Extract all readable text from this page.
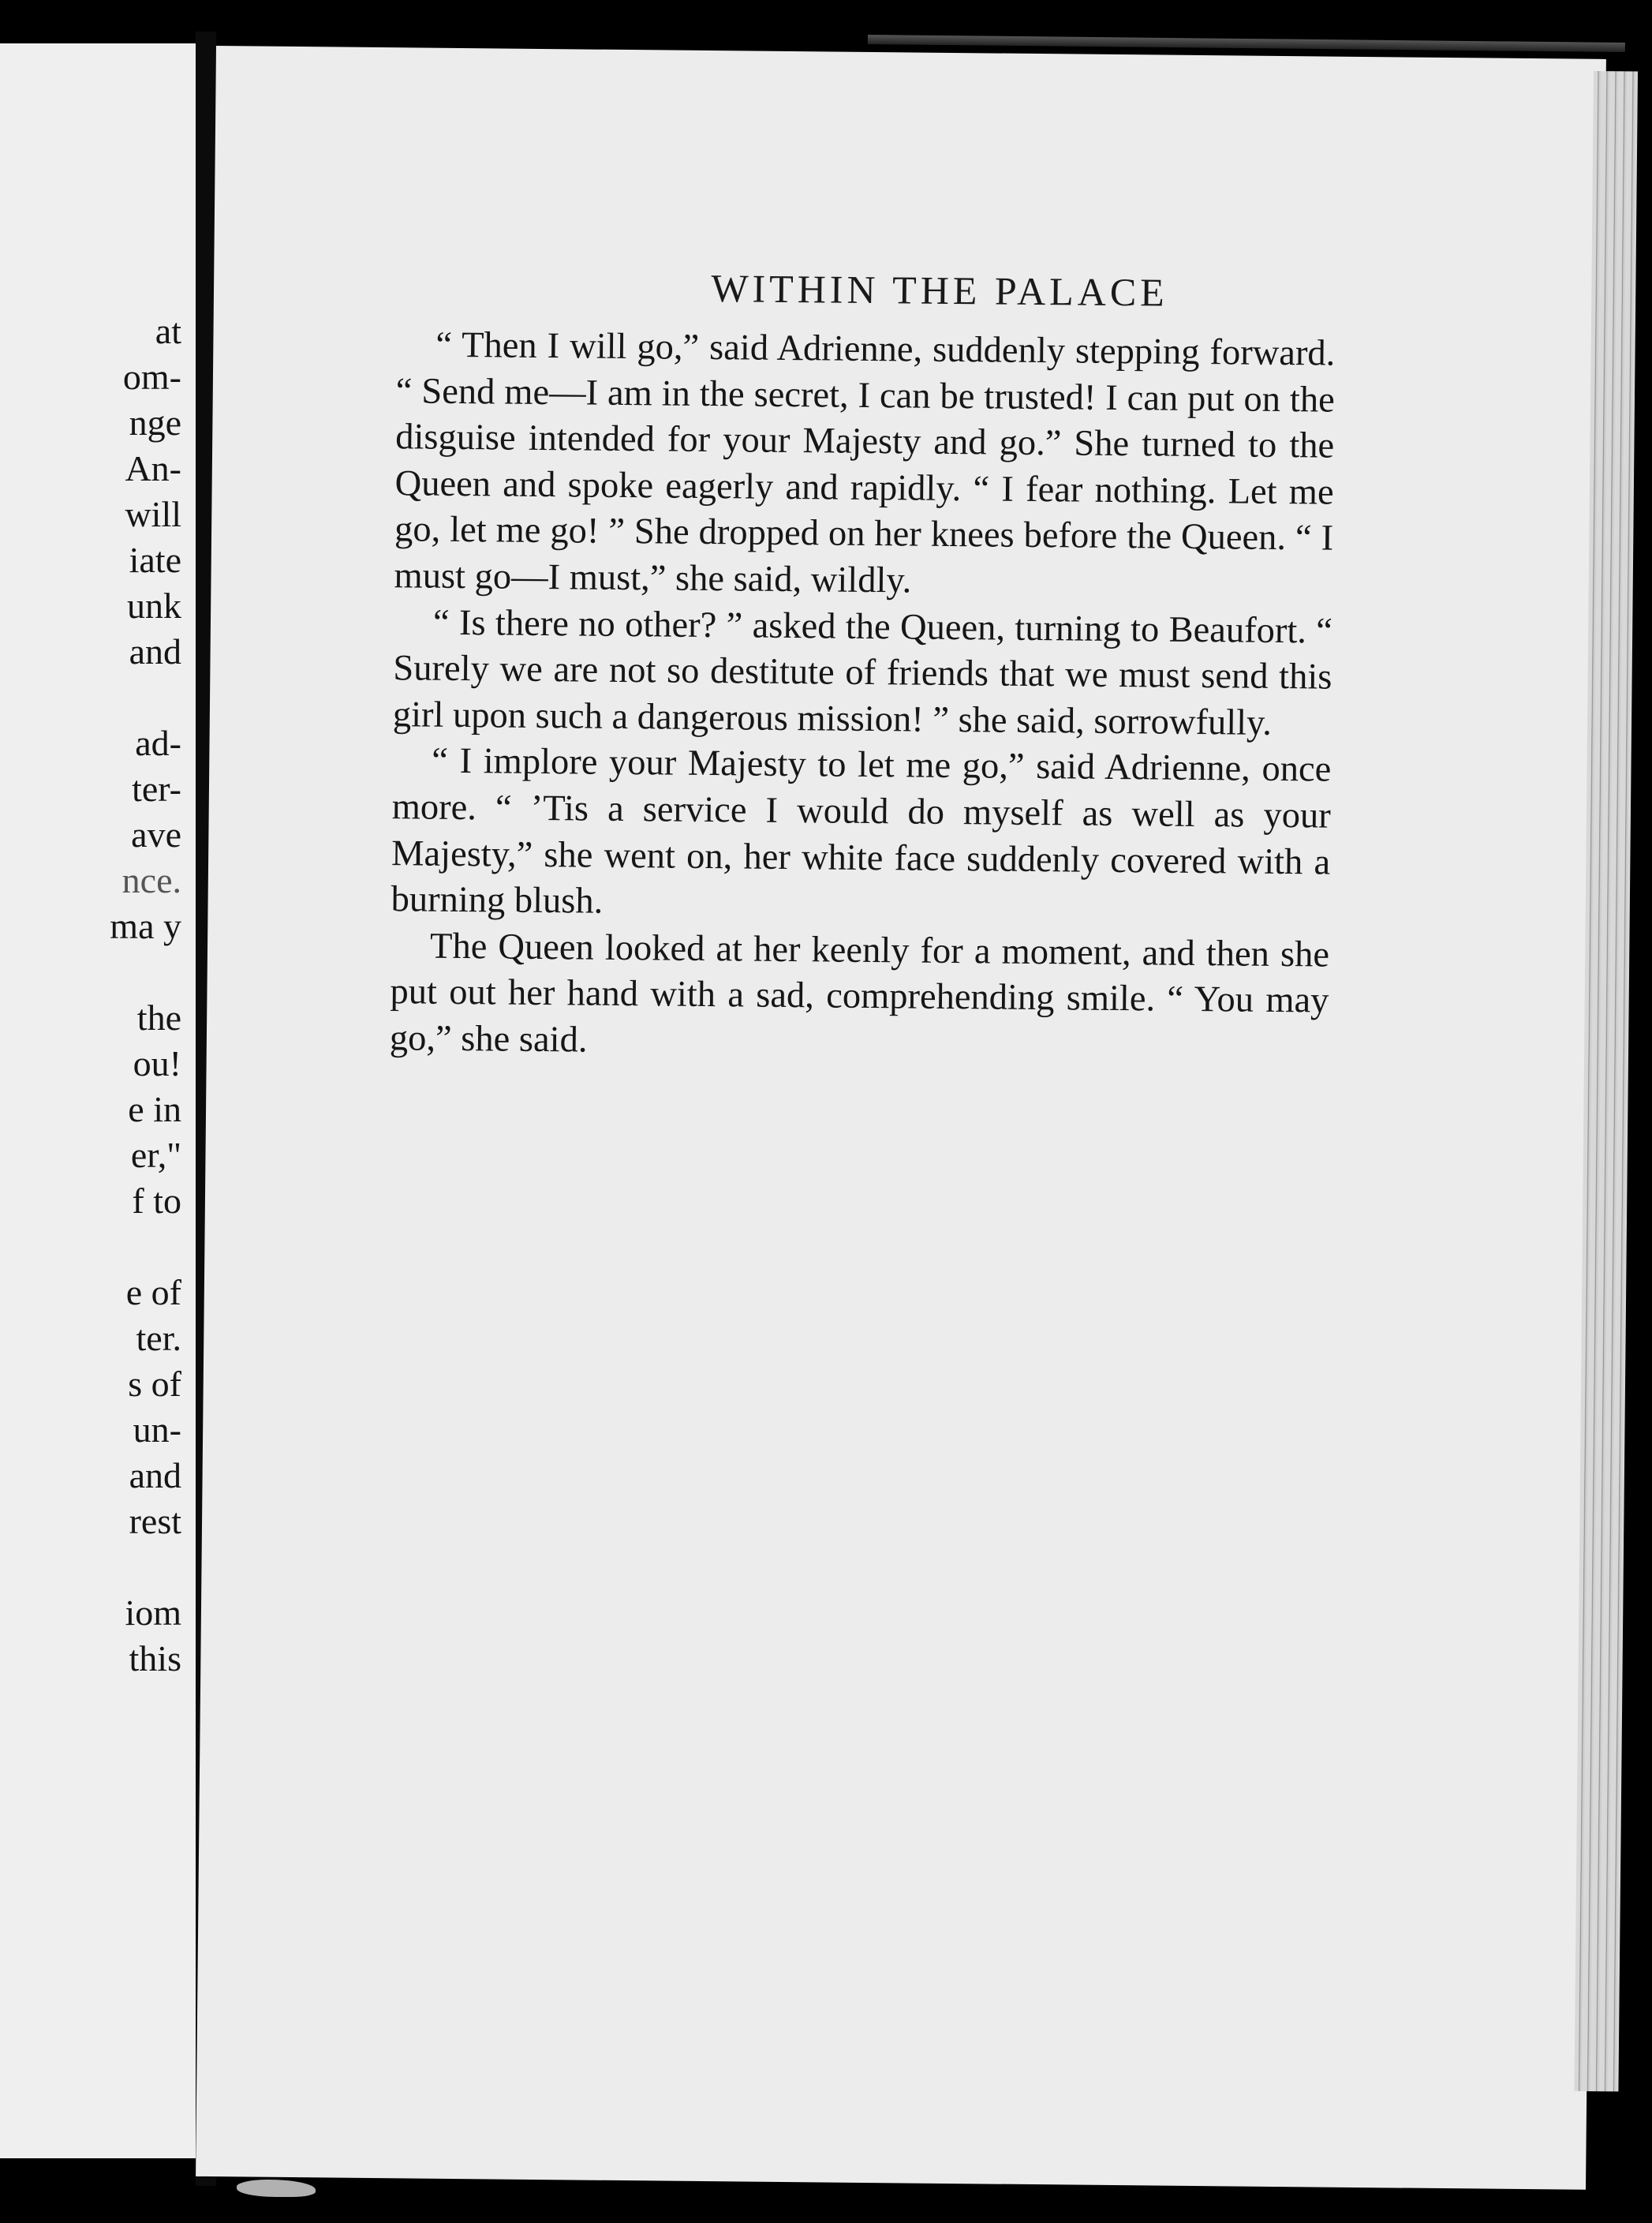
at
om-
nge
An-
will
iate
unk
and
ad-
ter-
ave
nce.
ma y
the
ou!
e in
er,"
f to
e of
ter.
s of
un-
and
rest
iom
this
WITHIN THE PALACE

“ Then I will go,” said Adrienne, suddenly stepping forward. “ Send me—I am in the secret, I can be trusted! I can put on the disguise intended for your Majesty and go.” She turned to the Queen and spoke eagerly and rapidly. “ I fear nothing. Let me go, let me go! ” She dropped on her knees before the Queen. “ I must go—I must,” she said, wildly.

“ Is there no other? ” asked the Queen, turning to Beaufort. “ Surely we are not so destitute of friends that we must send this girl upon such a dangerous mission! ” she said, sorrowfully.

“ I implore your Majesty to let me go,” said Adrienne, once more. “ ’Tis a service I would do myself as well as your Majesty,” she went on, her white face suddenly covered with a burning blush.

The Queen looked at her keenly for a moment, and then she put out her hand with a sad, comprehending smile. “ You may go,” she said.
